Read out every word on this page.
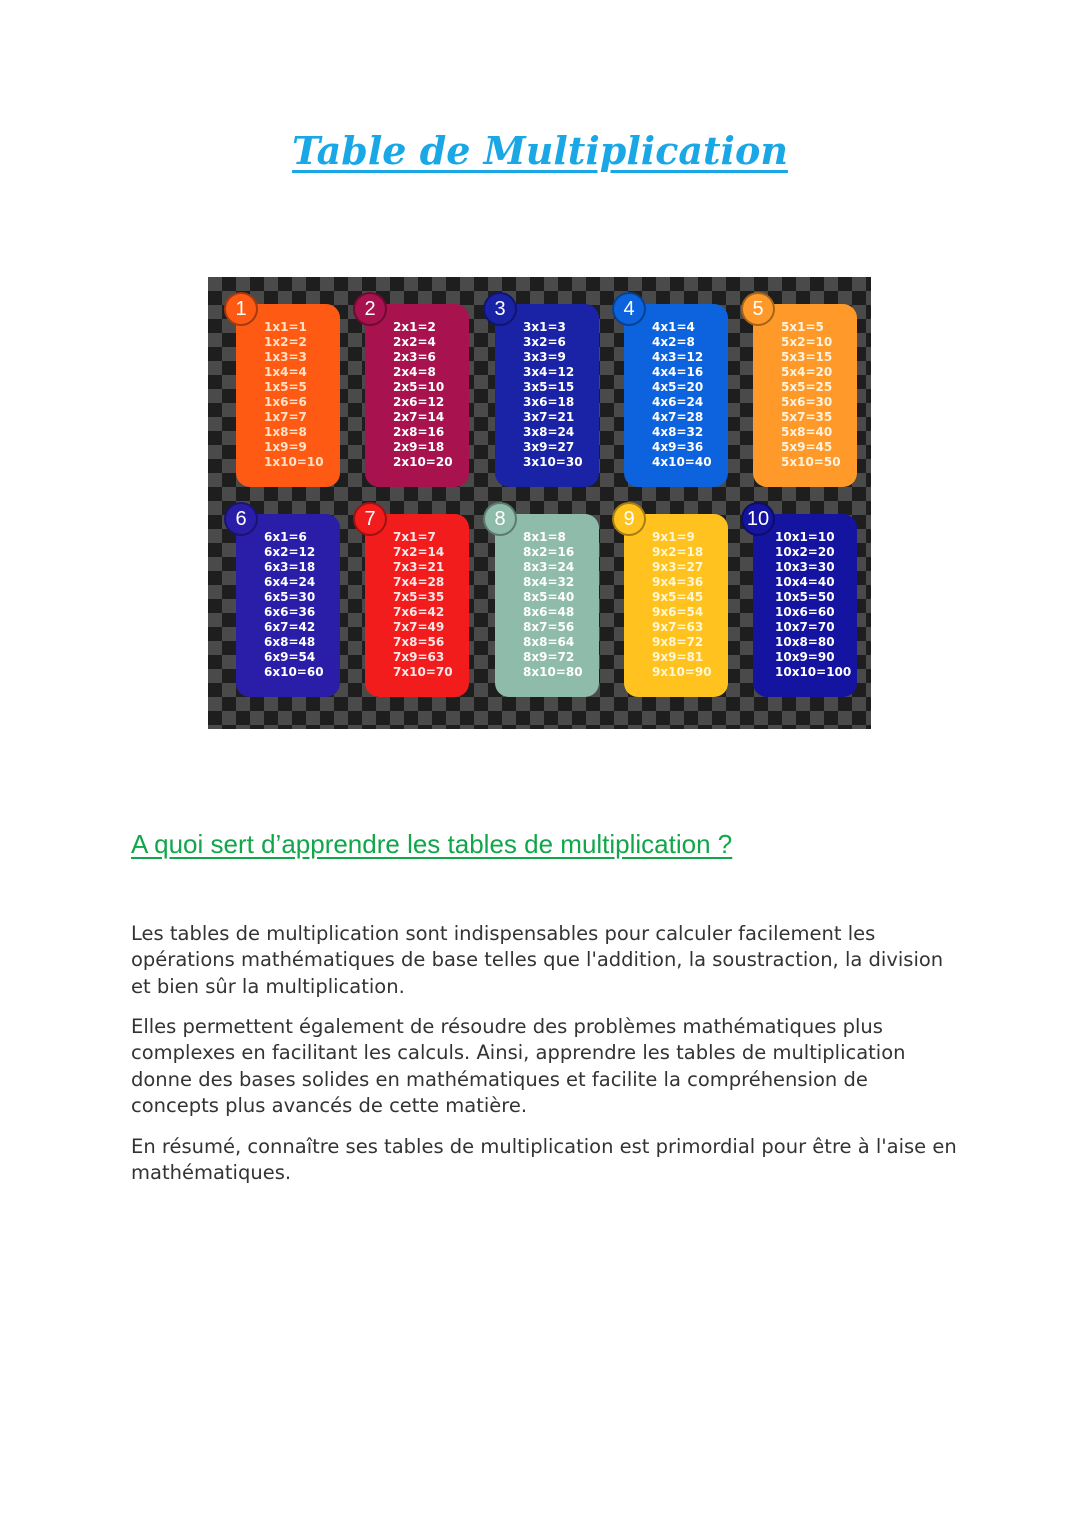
Table de Multiplication
1
1x1=1
1x2=2
1x3=3
1x4=4
1x5=5
1x6=6
1x7=7
1x8=8
1x9=9
1x10=10
2
2x1=2
2x2=4
2x3=6
2x4=8
2x5=10
2x6=12
2x7=14
2x8=16
2x9=18
2x10=20
3
3x1=3
3x2=6
3x3=9
3x4=12
3x5=15
3x6=18
3x7=21
3x8=24
3x9=27
3x10=30
4
4x1=4
4x2=8
4x3=12
4x4=16
4x5=20
4x6=24
4x7=28
4x8=32
4x9=36
4x10=40
5
5x1=5
5x2=10
5x3=15
5x4=20
5x5=25
5x6=30
5x7=35
5x8=40
5x9=45
5x10=50
6
6x1=6
6x2=12
6x3=18
6x4=24
6x5=30
6x6=36
6x7=42
6x8=48
6x9=54
6x10=60
7
7x1=7
7x2=14
7x3=21
7x4=28
7x5=35
7x6=42
7x7=49
7x8=56
7x9=63
7x10=70
8
8x1=8
8x2=16
8x3=24
8x4=32
8x5=40
8x6=48
8x7=56
8x8=64
8x9=72
8x10=80
9
9x1=9
9x2=18
9x3=27
9x4=36
9x5=45
9x6=54
9x7=63
9x8=72
9x9=81
9x10=90
10
10x1=10
10x2=20
10x3=30
10x4=40
10x5=50
10x6=60
10x7=70
10x8=80
10x9=90
10x10=100
A quoi sert d’apprendre les tables de multiplication ?

Les tables de multiplication sont indispensables pour calculer facilement les opérations mathématiques de base telles que l'addition, la soustraction, la division et bien sûr la multiplication.

Elles permettent également de résoudre des problèmes mathématiques plus complexes en facilitant les calculs. Ainsi, apprendre les tables de multiplication donne des bases solides en mathématiques et facilite la compréhension de concepts plus avancés de cette matière.

En résumé, connaître ses tables de multiplication est primordial pour être à l'aise en mathématiques.
